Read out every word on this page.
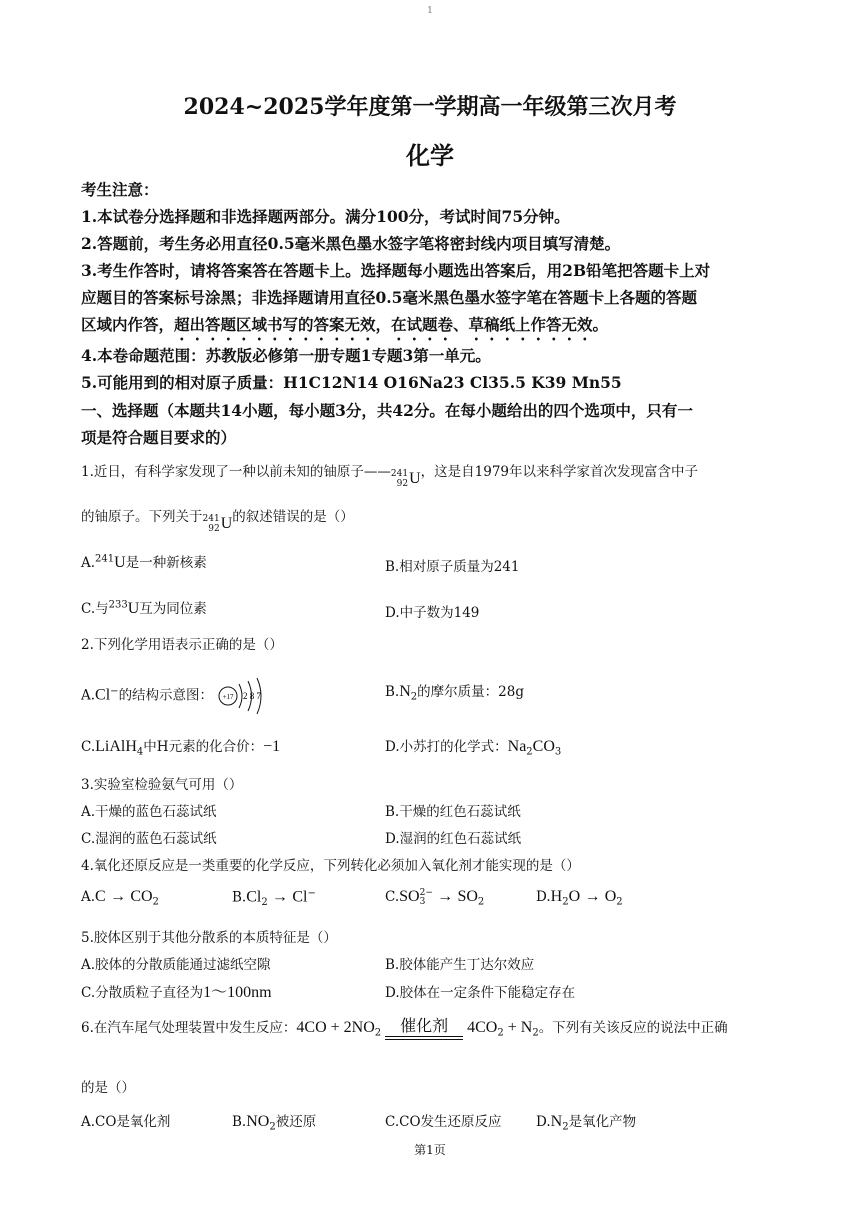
1
2024~2025学年度第一学期高一年级第三次月考
化学
考生注意：
1.本试卷分选择题和非选择题两部分。满分100分，考试时间75分钟。
2.答题前，考生务必用直径0.5毫米黑色墨水签字笔将密封线内项目填写清楚。
3.考生作答时，请将答案答在答题卡上。选择题每小题选出答案后，用2B铅笔把答题卡上对
应题目的答案标号涂黑；非选择题请用直径0.5毫米黑色墨水签字笔在答题卡上各题的答题
区域内作答，超出答题区域书写的答案无效，在试题卷、草稿纸上作答无效。
4.本卷命题范围：苏教版必修第一册专题1专题3第一单元。
5.可能用到的相对原子质量：H1C12N14 O16Na23 Cl35.5 K39 Mn55
一、选择题（本题共14小题，每小题3分，共42分。在每小题给出的四个选项中，只有一
项是符合题目要求的）
1.近日，有科学家发现了一种以前未知的铀原子—— 241
92 U ，这是自1979年以来科学家首次发现富含中子
的铀原子。下列关于 241
92 U 的叙述错误的是（）
A.$^{241}$U是一种新核素	B.相对原子质量为241
C.与$^{233}$U互为同位素	D.中子数为149
2.下列化学用语表示正确的是（）
A.Cl−的结构示意图： +17 2 8 7	$B.N_2$的摩尔质量：28g
C.LiAlH$_4$中H元素的化合价：−1	D.小苏打的化学式：$Na_2CO_3$
3.实验室检验氨气可用（）
A.干燥的蓝色石蕊试纸	B.干燥的红色石蕊试纸
C.湿润的蓝色石蕊试纸	D.湿润的红色石蕊试纸
4.氧化还原反应是一类重要的化学反应，下列转化必须加入氧化剂才能实现的是（）
$A.C \to CO_2$	$B.Cl_2 \to Cl^-$	C.SO 2−
$3 \to SO_2$	$D.H_2O \to O_2$
5.胶体区别于其他分散系的本质特征是（）
A.胶体的分散质能通过滤纸空隙	B.胶体能产生丁达尔效应
C.分散质粒子直径为1～100nm	D.胶体在一定条件下能稳定存在
6.在汽车尾气处理装置中发生反应：$4CO + 2NO_2$	催化剂	$4CO_2 + N_2$。下列有关该反应的说法中正确
的是（）
A.CO是氧化剂	$B.NO_2$被还原	C.CO发生还原反应	$D.N_2$是氧化产物
第1页
